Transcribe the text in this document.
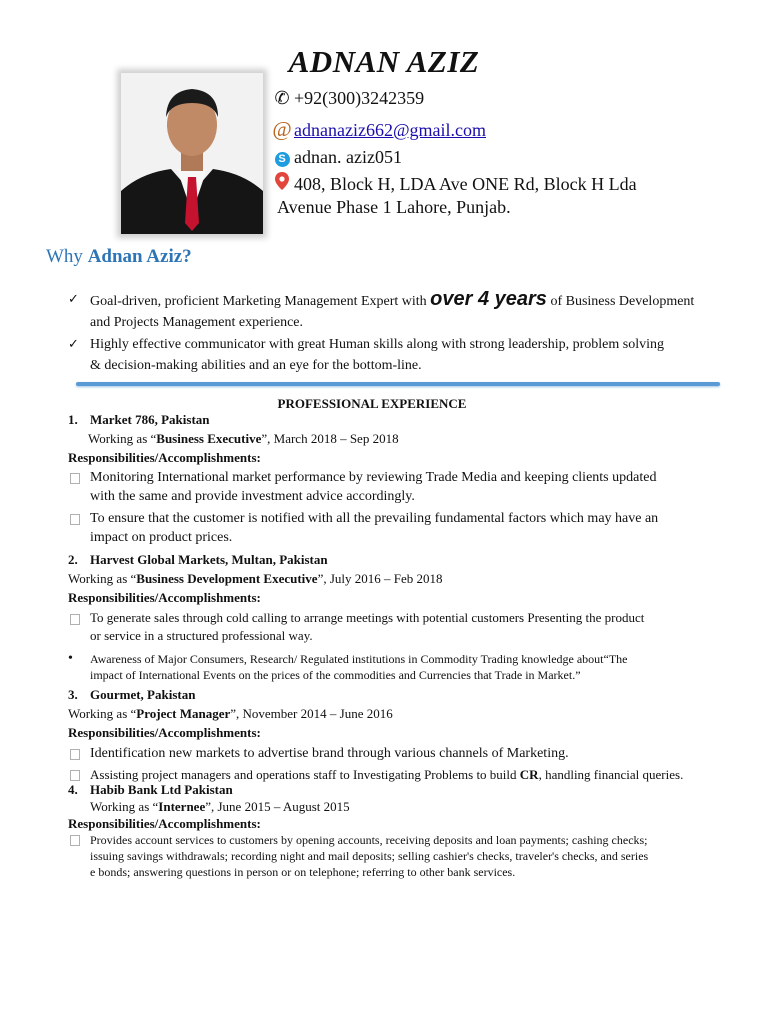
ADNAN AZIZ
✆ +92(300)3242359
@ adnanaziz662@gmail.com
S adnan. aziz051
408, Block H, LDA Ave ONE Rd, Block H Lda
Avenue Phase 1 Lahore, Punjab.
Why Adnan Aziz?
✓ Goal-driven, proficient Marketing Management Expert with over 4 years of Business Development
and Projects Management experience.
✓ Highly effective communicator with great Human skills along with strong leadership, problem solving
& decision-making abilities and an eye for the bottom-line.
PROFESSIONAL EXPERIENCE
1. Market 786, Pakistan
Working as “Business Executive”, March 2018 – Sep 2018
Responsibilities/Accomplishments:
Monitoring International market performance by reviewing Trade Media and keeping clients updated
with the same and provide investment advice accordingly.
To ensure that the customer is notified with all the prevailing fundamental factors which may have an
impact on product prices.
2. Harvest Global Markets, Multan, Pakistan
Working as “Business Development Executive”, July 2016 – Feb 2018
Responsibilities/Accomplishments:
To generate sales through cold calling to arrange meetings with potential customers Presenting the product
or service in a structured professional way.
• Awareness of Major Consumers, Research/ Regulated institutions in Commodity Trading knowledge about“The
impact of International Events on the prices of the commodities and Currencies that Trade in Market.”
3. Gourmet, Pakistan
Working as “Project Manager”, November 2014 – June 2016
Responsibilities/Accomplishments:
Identification new markets to advertise brand through various channels of Marketing.
Assisting project managers and operations staff to Investigating Problems to build CR, handling financial queries.
4. Habib Bank Ltd Pakistan
Working as “Internee”, June 2015 – August 2015
Responsibilities/Accomplishments:
Provides account services to customers by opening accounts, receiving deposits and loan payments; cashing checks;
issuing savings withdrawals; recording night and mail deposits; selling cashier's checks, traveler's checks, and series
e bonds; answering questions in person or on telephone; referring to other bank services.
